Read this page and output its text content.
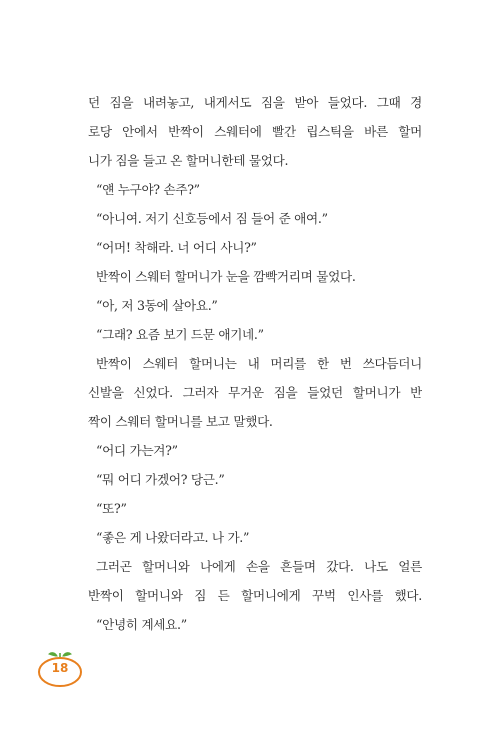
던 짐을 내려놓고, 내게서도 짐을 받아 들었다. 그때 경
로당 안에서 반짝이 스웨터에 빨간 립스틱을 바른 할머
니가 짐을 들고 온 할머니한테 물었다.
“얜 누구야? 손주?”
“아니여. 저기 신호등에서 짐 들어 준 애여.”
“어머! 착해라. 너 어디 사니?”
반짝이 스웨터 할머니가 눈을 깜빡거리며 물었다.
“아, 저 3동에 살아요.”
“그래? 요즘 보기 드문 애기네.”
반짝이 스웨터 할머니는 내 머리를 한 번 쓰다듬더니
신발을 신었다. 그러자 무거운 짐을 들었던 할머니가 반
짝이 스웨터 할머니를 보고 말했다.
“어디 가는겨?”
“뭐 어디 가겠어? 당근.”
“또?”
“좋은 게 나왔더라고. 나 가.”
그러곤 할머니와 나에게 손을 흔들며 갔다. 나도 얼른
반짝이 할머니와 짐 든 할머니에게 꾸벅 인사를 했다.
“안녕히 계세요.”
18
